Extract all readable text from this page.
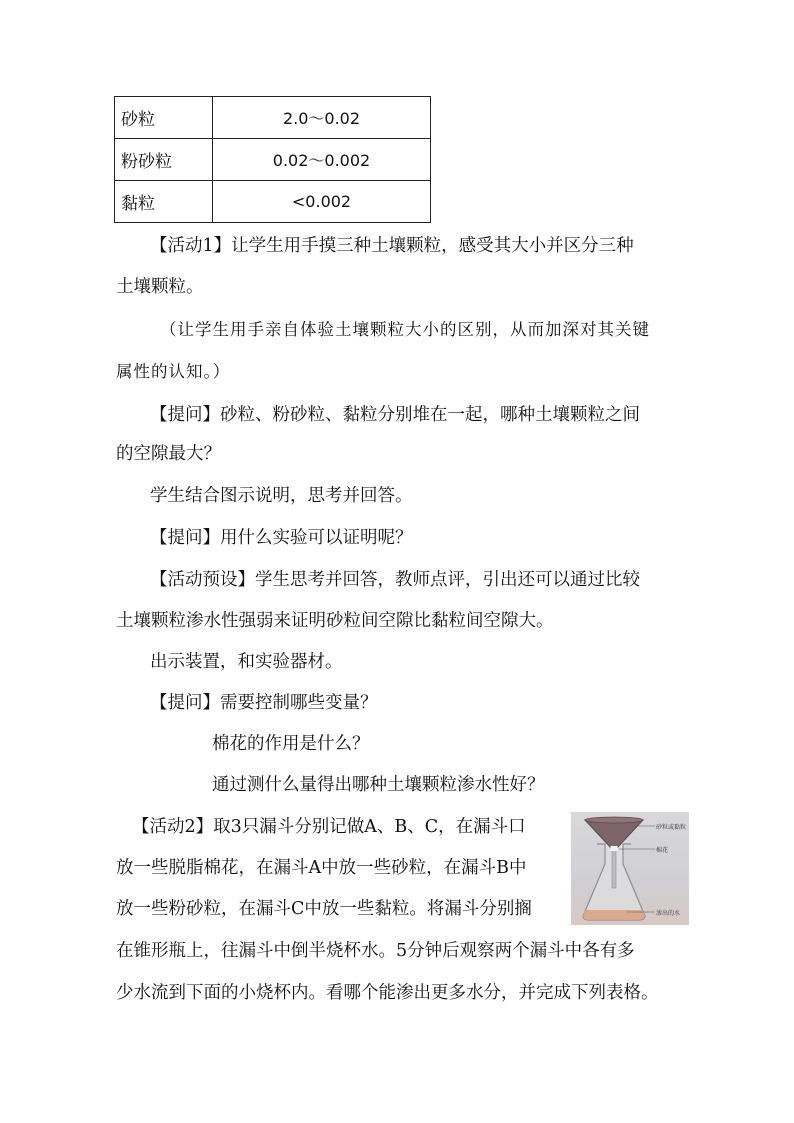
砂粒	2.0～0.02
粉砂粒	0.02～0.002
黏粒	<0.002
【活动1】让学生用手摸三种土壤颗粒，感受其大小并区分三种
土壤颗粒。
（让学生用手亲自体验土壤颗粒大小的区别，从而加深对其关键
属性的认知。）
【提问】砂粒、粉砂粒、黏粒分别堆在一起，哪种土壤颗粒之间
的空隙最大？
学生结合图示说明，思考并回答。
【提问】用什么实验可以证明呢？
【活动预设】学生思考并回答，教师点评，引出还可以通过比较
土壤颗粒渗水性强弱来证明砂粒间空隙比黏粒间空隙大。
出示装置，和实验器材。
【提问】需要控制哪些变量？
棉花的作用是什么？
通过测什么量得出哪种土壤颗粒渗水性好？
【活动2】取3只漏斗分别记做A、B、C，在漏斗口
放一些脱脂棉花，在漏斗A中放一些砂粒，在漏斗B中
放一些粉砂粒，在漏斗C中放一些黏粒。将漏斗分别搁
在锥形瓶上，往漏斗中倒半烧杯水。5分钟后观察两个漏斗中各有多
少水流到下面的小烧杯内。看哪个能渗出更多水分，并完成下列表格。
砂粒或黏粒
棉花
渗出的水
